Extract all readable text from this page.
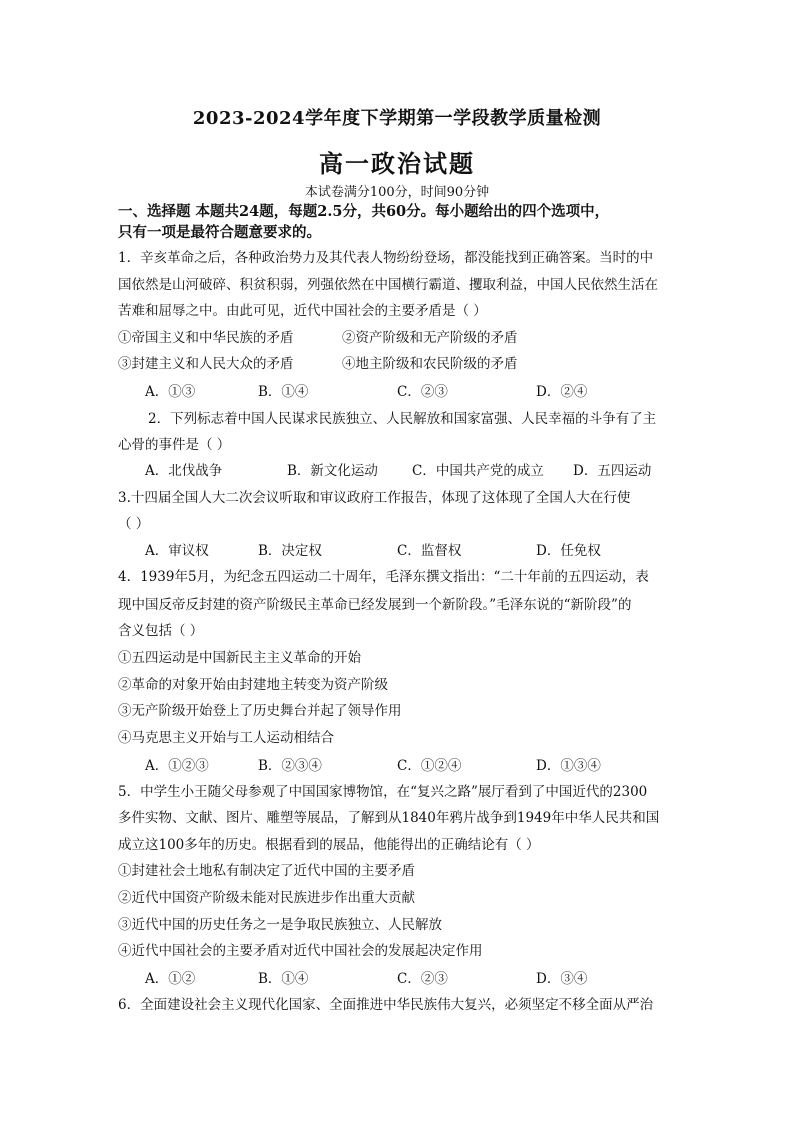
2023-2024学年度下学期第一学段教学质量检测
高一政治试题
本试卷满分100分，时间90分钟
一、选择题 本题共24题，每题2.5分，共60分。每小题给出的四个选项中，
只有一项是最符合题意要求的。
1．辛亥革命之后，各种政治势力及其代表人物纷纷登场，都没能找到正确答案。当时的中
国依然是山河破碎、积贫积弱，列强依然在中国横行霸道、攫取利益，中国人民依然生活在
苦难和屈辱之中。由此可见，近代中国社会的主要矛盾是（ ）
①帝国主义和中华民族的矛盾	②资产阶级和无产阶级的矛盾
③封建主义和人民大众的矛盾	④地主阶级和农民阶级的矛盾
A．①③	B．①④	C．②③	D．②④
2．下列标志着中国人民谋求民族独立、人民解放和国家富强、人民幸福的斗争有了主
心骨的事件是（ ）
A．北伐战争	B．新文化运动	C．中国共产党的成立 D．五四运动
3.十四届全国人大二次会议听取和审议政府工作报告，体现了这体现了全国人大在行使
（ ）
A．审议权	B．决定权	C．监督权	D．任免权
4．1939年5月，为纪念五四运动二十周年，毛泽东撰文指出：“二十年前的五四运动，表
现中国反帝反封建的资产阶级民主革命已经发展到一个新阶段。”毛泽东说的“新阶段”的
含义包括（ ）
①五四运动是中国新民主主义革命的开始
②革命的对象开始由封建地主转变为资产阶级
③无产阶级开始登上了历史舞台并起了领导作用
④马克思主义开始与工人运动相结合
A．①②③	B．②③④	C．①②④	D．①③④
5．中学生小王随父母参观了中国国家博物馆，在“复兴之路”展厅看到了中国近代的2300
多件实物、文献、图片、雕塑等展品，了解到从1840年鸦片战争到1949年中华人民共和国
成立这100多年的历史。根据看到的展品，他能得出的正确结论有（ ）
①封建社会土地私有制决定了近代中国的主要矛盾
②近代中国资产阶级未能对民族进步作出重大贡献
③近代中国的历史任务之一是争取民族独立、人民解放
④近代中国社会的主要矛盾对近代中国社会的发展起决定作用
A．①②	B．①④	C．②③	D．③④
6．全面建设社会主义现代化国家、全面推进中华民族伟大复兴，必须坚定不移全面从严治
